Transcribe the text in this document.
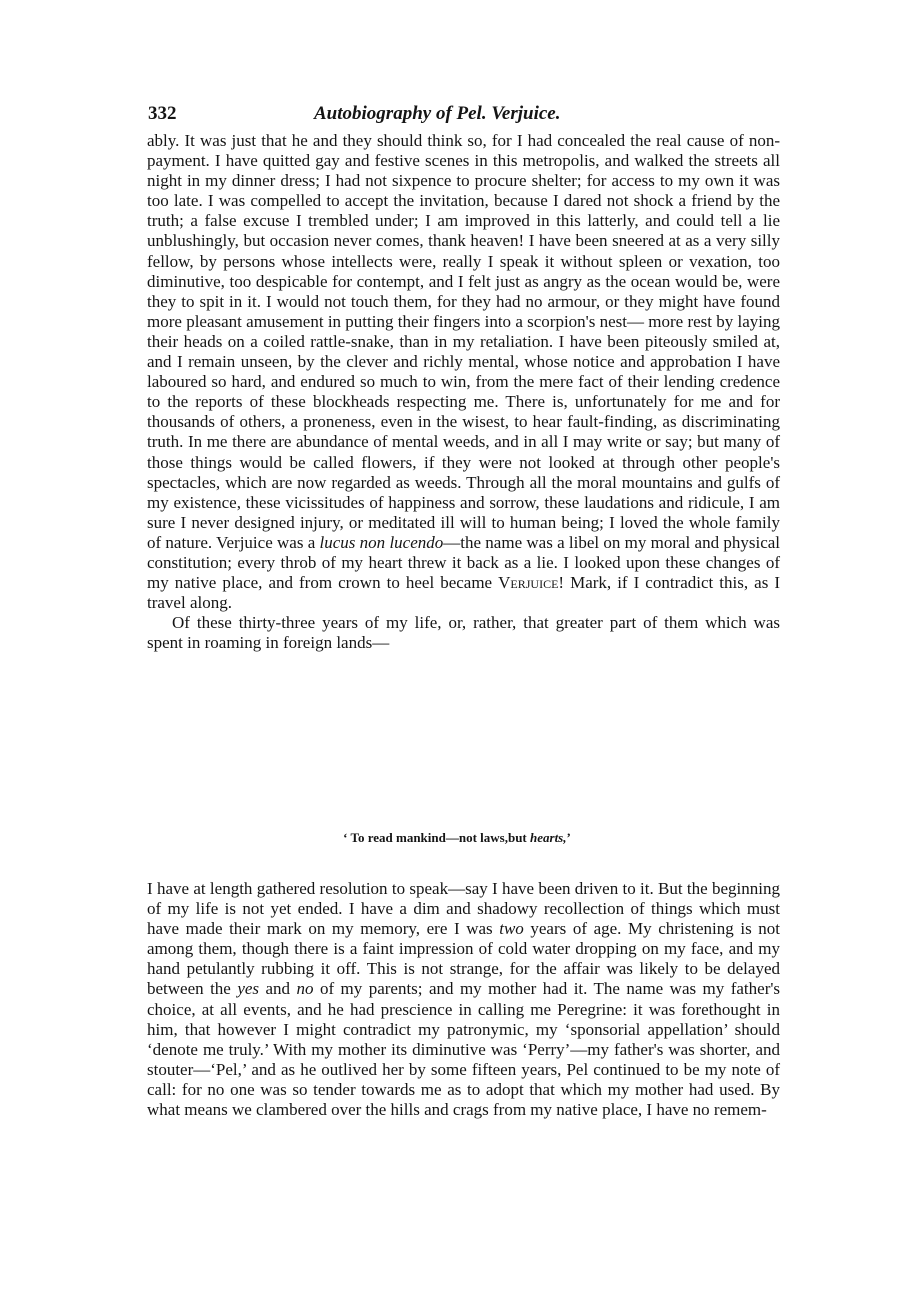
332	Autobiography of Pel. Verjuice.

ably. It was just that he and they should think so, for I had concealed the real cause of non-payment. I have quitted gay and festive scenes in this metropolis, and walked the streets all night in my dinner dress; I had not sixpence to procure shelter; for access to my own it was too late. I was compelled to accept the invitation, because I dared not shock a friend by the truth; a false excuse I trembled under; I am improved in this latterly, and could tell a lie unblushingly, but occasion never comes, thank heaven! I have been sneered at as a very silly fellow, by persons whose intellects were, really I speak it without spleen or vexation, too diminutive, too despicable for contempt, and I felt just as angry as the ocean would be, were they to spit in it. I would not touch them, for they had no armour, or they might have found more pleasant amusement in putting their fingers into a scorpion's nest— more rest by laying their heads on a coiled rattle-snake, than in my retaliation. I have been piteously smiled at, and I remain unseen, by the clever and richly mental, whose notice and approbation I have laboured so hard, and endured so much to win, from the mere fact of their lending credence to the reports of these blockheads respecting me. There is, unfortunately for me and for thousands of others, a proneness, even in the wisest, to hear fault-finding, as discriminating truth. In me there are abundance of mental weeds, and in all I may write or say; but many of those things would be called flowers, if they were not looked at through other people's spectacles, which are now regarded as weeds. Through all the moral mountains and gulfs of my existence, these vicissitudes of happiness and sorrow, these laudations and ridicule, I am sure I never designed injury, or meditated ill will to human being; I loved the whole family of nature. Verjuice was a lucus non lucendo—the name was a libel on my moral and physical constitution; every throb of my heart threw it back as a lie. I looked upon these changes of my native place, and from crown to heel became Verjuice! Mark, if I contradict this, as I travel along.

Of these thirty-three years of my life, or, rather, that greater part of them which was spent in roaming in foreign lands—

‘ To read mankind—not laws,but hearts,’

I have at length gathered resolution to speak—say I have been driven to it. But the beginning of my life is not yet ended. I have a dim and shadowy recollection of things which must have made their mark on my memory, ere I was two years of age. My christening is not among them, though there is a faint impression of cold water dropping on my face, and my hand petulantly rubbing it off. This is not strange, for the affair was likely to be delayed between the yes and no of my parents; and my mother had it. The name was my father's choice, at all events, and he had prescience in calling me Peregrine: it was forethought in him, that however I might contradict my patronymic, my ‘sponsorial appellation’ should ‘denote me truly.’ With my mother its diminutive was ‘Perry’—my father's was shorter, and stouter—‘Pel,’ and as he outlived her by some fifteen years, Pel continued to be my note of call: for no one was so tender towards me as to adopt that which my mother had used. By what means we clambered over the hills and crags from my native place, I have no remem-
